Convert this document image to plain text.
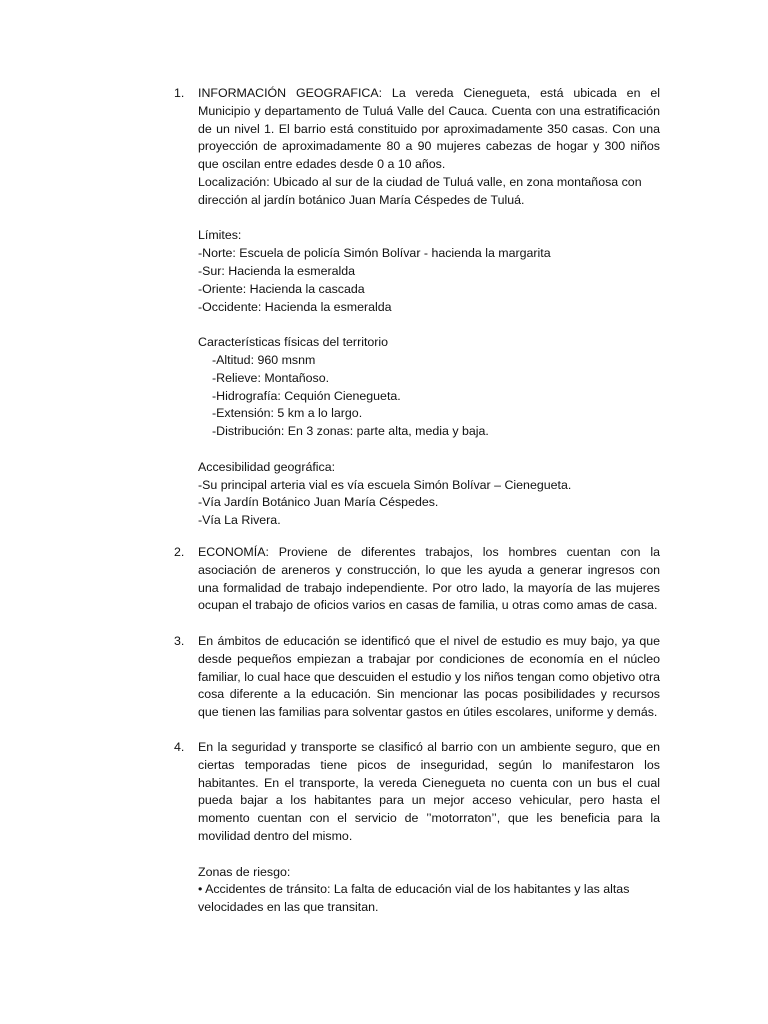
1.	INFORMACIÓN GEOGRAFICA: La vereda Cienegueta, está ubicada en el Municipio y departamento de Tuluá Valle del Cauca. Cuenta con una estratificación de un nivel 1. El barrio está constituido por aproximadamente 350 casas. Con una proyección de aproximadamente 80 a 90 mujeres cabezas de hogar y 300 niños que oscilan entre edades desde 0 a 10 años.

Localización: Ubicado al sur de la ciudad de Tuluá valle, en zona montañosa con dirección al jardín botánico Juan María Céspedes de Tuluá.

Límites:

-Norte: Escuela de policía Simón Bolívar - hacienda la margarita

-Sur: Hacienda la esmeralda

-Oriente: Hacienda la cascada

-Occidente: Hacienda la esmeralda

Características físicas del territorio

-Altitud: 960 msnm

-Relieve: Montañoso.

-Hidrografía: Cequión Cienegueta.

-Extensión: 5 km a lo largo.

-Distribución: En 3 zonas: parte alta, media y baja.

Accesibilidad geográfica:

-Su principal arteria vial es vía escuela Simón Bolívar – Cienegueta.

-Vía Jardín Botánico Juan María Céspedes.

-Vía La Rivera.

2.	ECONOMÍA: Proviene de diferentes trabajos, los hombres cuentan con la asociación de areneros y construcción, lo que les ayuda a generar ingresos con una formalidad de trabajo independiente. Por otro lado, la mayoría de las mujeres ocupan el trabajo de oficios varios en casas de familia, u otras como amas de casa.

3.	En ámbitos de educación se identificó que el nivel de estudio es muy bajo, ya que desde pequeños empiezan a trabajar por condiciones de economía en el núcleo familiar, lo cual hace que descuiden el estudio y los niños tengan como objetivo otra cosa diferente a la educación. Sin mencionar las pocas posibilidades y recursos que tienen las familias para solventar gastos en útiles escolares, uniforme y demás.

4.	En la seguridad y transporte se clasificó al barrio con un ambiente seguro, que en ciertas temporadas tiene picos de inseguridad, según lo manifestaron los habitantes. En el transporte, la vereda Cienegueta no cuenta con un bus el cual pueda bajar a los habitantes para un mejor acceso vehicular, pero hasta el momento cuentan con el servicio de ’’motorraton’’, que les beneficia para la movilidad dentro del mismo.

Zonas de riesgo:

• Accidentes de tránsito: La falta de educación vial de los habitantes y las altas velocidades en las que transitan.
